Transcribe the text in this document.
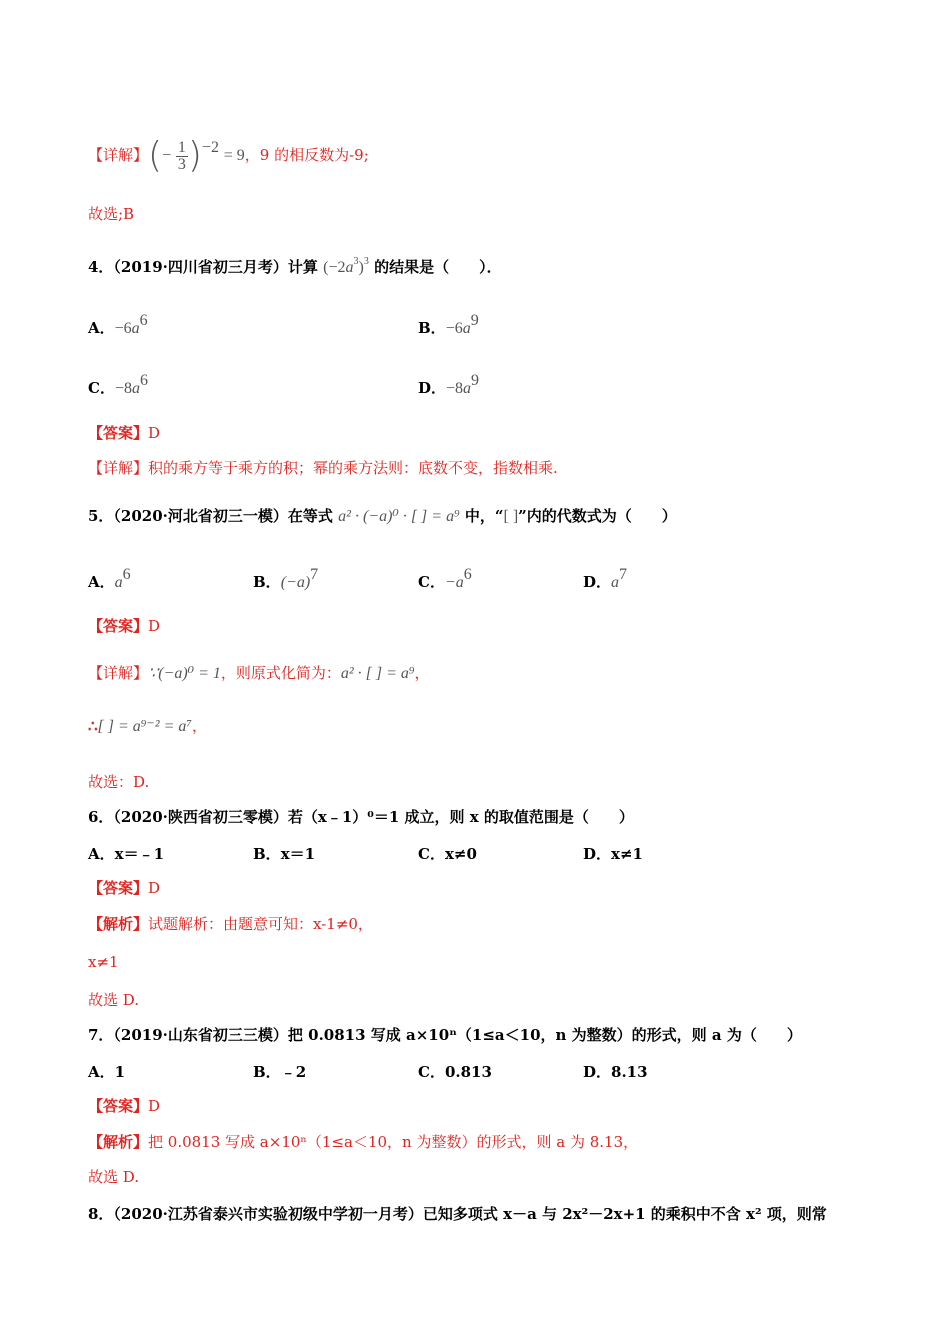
【详解】(− $\frac{1}{3} )^{-2} = 9$，9 的相反数为-9;
故选;B
4．（2019·四川省初三月考）计算 $(-2a^3)^3$ 的结果是（　　）．
A．$-6a^6$	B．$-6a^9$
C．$-8a^6$	D．$-8a^9$
【答案】D
【详解】积的乘方等于乘方的积；幂的乘方法则：底数不变，指数相乘.
5．（2020·河北省初三一模）在等式 a² · (−a)⁰ · [ ] = a⁹ 中，“[ ]”内的代数式为（　　）
A．$a^6$	B．$(-a)^7$	C．$-a^6$	D．$a^7$
【答案】D
【详解】∵(−a)⁰ = 1，则原式化简为：a² · [ ] = a⁹，
∴[ ] = a⁹⁻² = a⁷，
故选：D.
6．（2020·陕西省初三零模）若（x﹣1）⁰＝1 成立，则 x 的取值范围是（　　）
A．x＝﹣1	B．x＝1	C．x≠0	D．x≠1
【答案】D
【解析】试题解析：由题意可知：x-1≠0，
x≠1
故选 D.
7．（2019·山东省初三三模）把 0.0813 写成 a×10ⁿ（1≤a＜10，n 为整数）的形式，则 a 为（　　）
A．1	B．﹣2	C．0.813	D．8.13
【答案】D
【解析】把 0.0813 写成 a×10ⁿ（1≤a＜10，n 为整数）的形式，则 a 为 8.13，
故选 D.
8．（2020·江苏省泰兴市实验初级中学初一月考）已知多项式 x－a 与 2x²－2x+1 的乘积中不含 x² 项，则常
